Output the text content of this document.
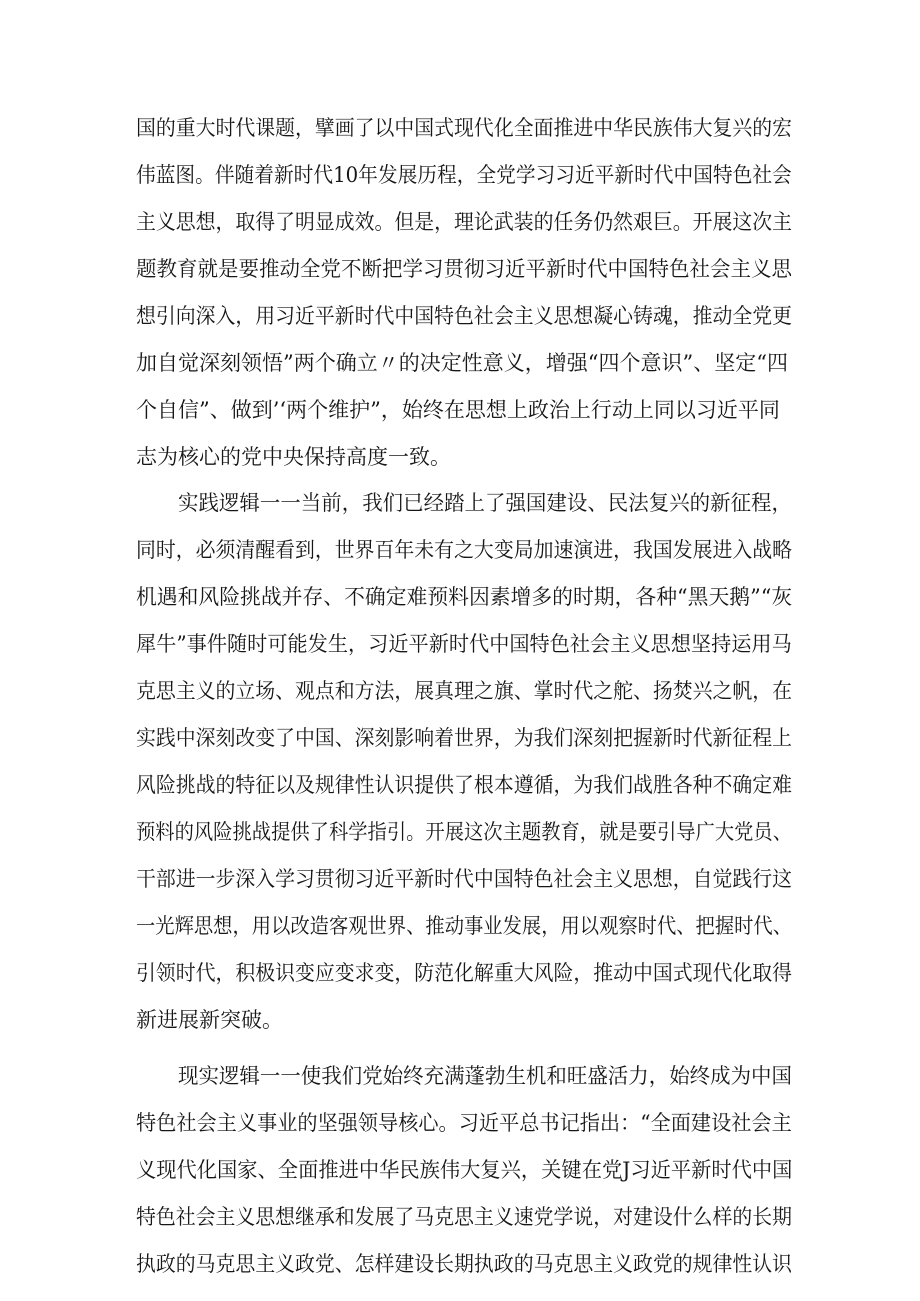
国的重大时代课题，擘画了以中国式现代化全面推进中华民族伟大复兴的宏
伟蓝图。伴随着新时代10年发展历程，全党学习习近平新时代中国特色社会
主义思想，取得了明显成效。但是，理论武装的任务仍然艰巨。开展这次主
题教育就是要推动全党不断把学习贯彻习近平新时代中国特色社会主义思
想引向深入，用习近平新时代中国特色社会主义思想凝心铸魂，推动全党更
加自觉深刻领悟”两个确立〃的决定性意义，增强“四个意识”、坚定“四
个自信”、做到’‘两个维护”，始终在思想上政治上行动上同以习近平同
志为核心的党中央保持高度一致。
实践逻辑一一当前，我们已经踏上了强国建设、民法复兴的新征程，
同时，必须清醒看到，世界百年未有之大变局加速演进，我国发展进入战略
机遇和风险挑战并存、不确定难预料因素增多的时期，各种“黑天鹅”“灰
犀牛”事件随时可能发生，习近平新时代中国特色社会主义思想坚持运用马
克思主义的立场、观点和方法，展真理之旗、掌时代之舵、扬焚兴之帆，在
实践中深刻改变了中国、深刻影响着世界，为我们深刻把握新时代新征程上
风险挑战的特征以及规律性认识提供了根本遵循，为我们战胜各种不确定难
预料的风险挑战提供了科学指引。开展这次主题教育，就是要引导广大党员、
干部进一步深入学习贯彻习近平新时代中国特色社会主义思想，自觉践行这
一光辉思想，用以改造客观世界、推动事业发展，用以观察时代、把握时代、
引领时代，积极识变应变求变，防范化解重大风险，推动中国式现代化取得
新进展新突破。
现实逻辑一一使我们党始终充满蓬勃生机和旺盛活力，始终成为中国
特色社会主义事业的坚强领导核心。习近平总书记指出：“全面建设社会主
义现代化国家、全面推进中华民族伟大复兴，关键在党J习近平新时代中国
特色社会主义思想继承和发展了马克思主义速党学说，对建设什么样的长期
执政的马克思主义政党、怎样建设长期执政的马克思主义政党的规律性认识
